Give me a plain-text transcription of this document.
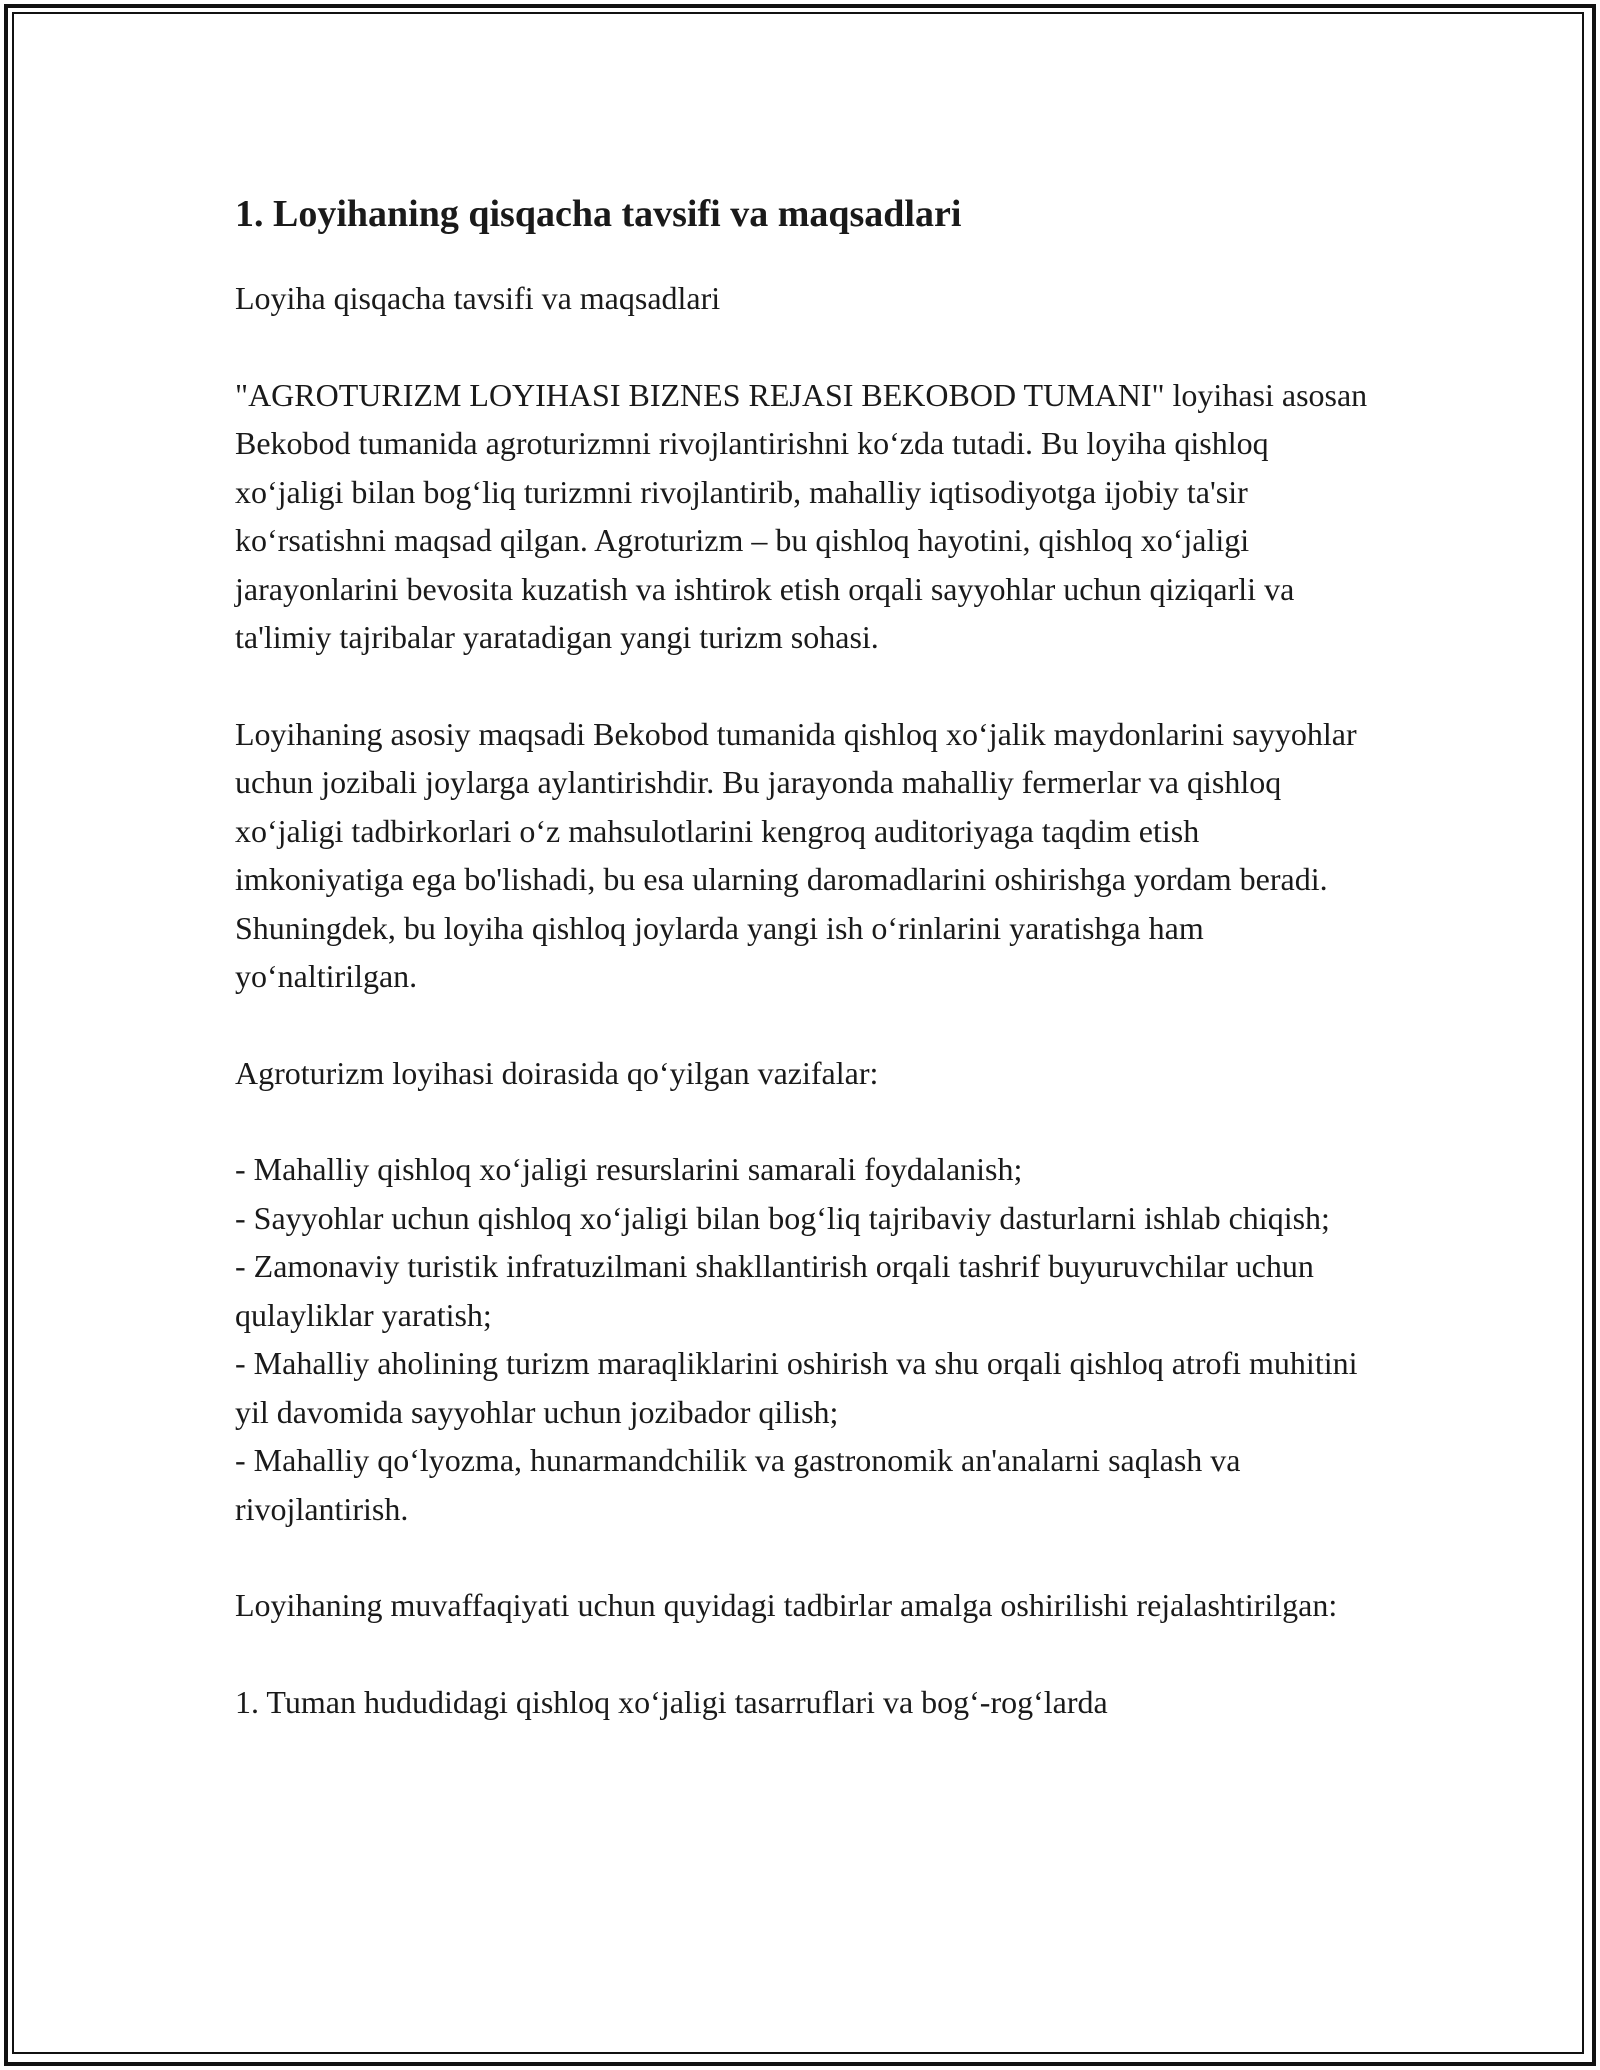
1. Loyihaning qisqacha tavsifi va maqsadlari

Loyiha qisqacha tavsifi va maqsadlari

"AGROTURIZM LOYIHASI BIZNES REJASI BEKOBOD TUMANI" loyihasi asosan Bekobod tumanida agroturizmni rivojlantirishni ko‘zda tutadi. Bu loyiha qishloq xo‘jaligi bilan bog‘liq turizmni rivojlantirib, mahalliy iqtisodiyotga ijobiy ta'sir ko‘rsatishni maqsad qilgan. Agroturizm – bu qishloq hayotini, qishloq xo‘jaligi jarayonlarini bevosita kuzatish va ishtirok etish orqali sayyohlar uchun qiziqarli va ta'limiy tajribalar yaratadigan yangi turizm sohasi.

Loyihaning asosiy maqsadi Bekobod tumanida qishloq xo‘jalik maydonlarini sayyohlar uchun jozibali joylarga aylantirishdir. Bu jarayonda mahalliy fermerlar va qishloq xo‘jaligi tadbirkorlari o‘z mahsulotlarini kengroq auditoriyaga taqdim etish imkoniyatiga ega bo'lishadi, bu esa ularning daromadlarini oshirishga yordam beradi. Shuningdek, bu loyiha qishloq joylarda yangi ish o‘rinlarini yaratishga ham yo‘naltirilgan.

Agroturizm loyihasi doirasida qo‘yilgan vazifalar:

- Mahalliy qishloq xo‘jaligi resurslarini samarali foydalanish;

- Sayyohlar uchun qishloq xo‘jaligi bilan bog‘liq tajribaviy dasturlarni ishlab chiqish;

- Zamonaviy turistik infratuzilmani shakllantirish orqali tashrif buyuruvchilar uchun qulayliklar yaratish;

- Mahalliy aholining turizm maraqliklarini oshirish va shu orqali qishloq atrofi muhitini yil davomida sayyohlar uchun jozibador qilish;

- Mahalliy qo‘lyozma, hunarmandchilik va gastronomik an'analarni saqlash va rivojlantirish.

Loyihaning muvaffaqiyati uchun quyidagi tadbirlar amalga oshirilishi rejalashtirilgan:

1. Tuman hududidagi qishloq xo‘jaligi tasarruflari va bog‘-rog‘larda
